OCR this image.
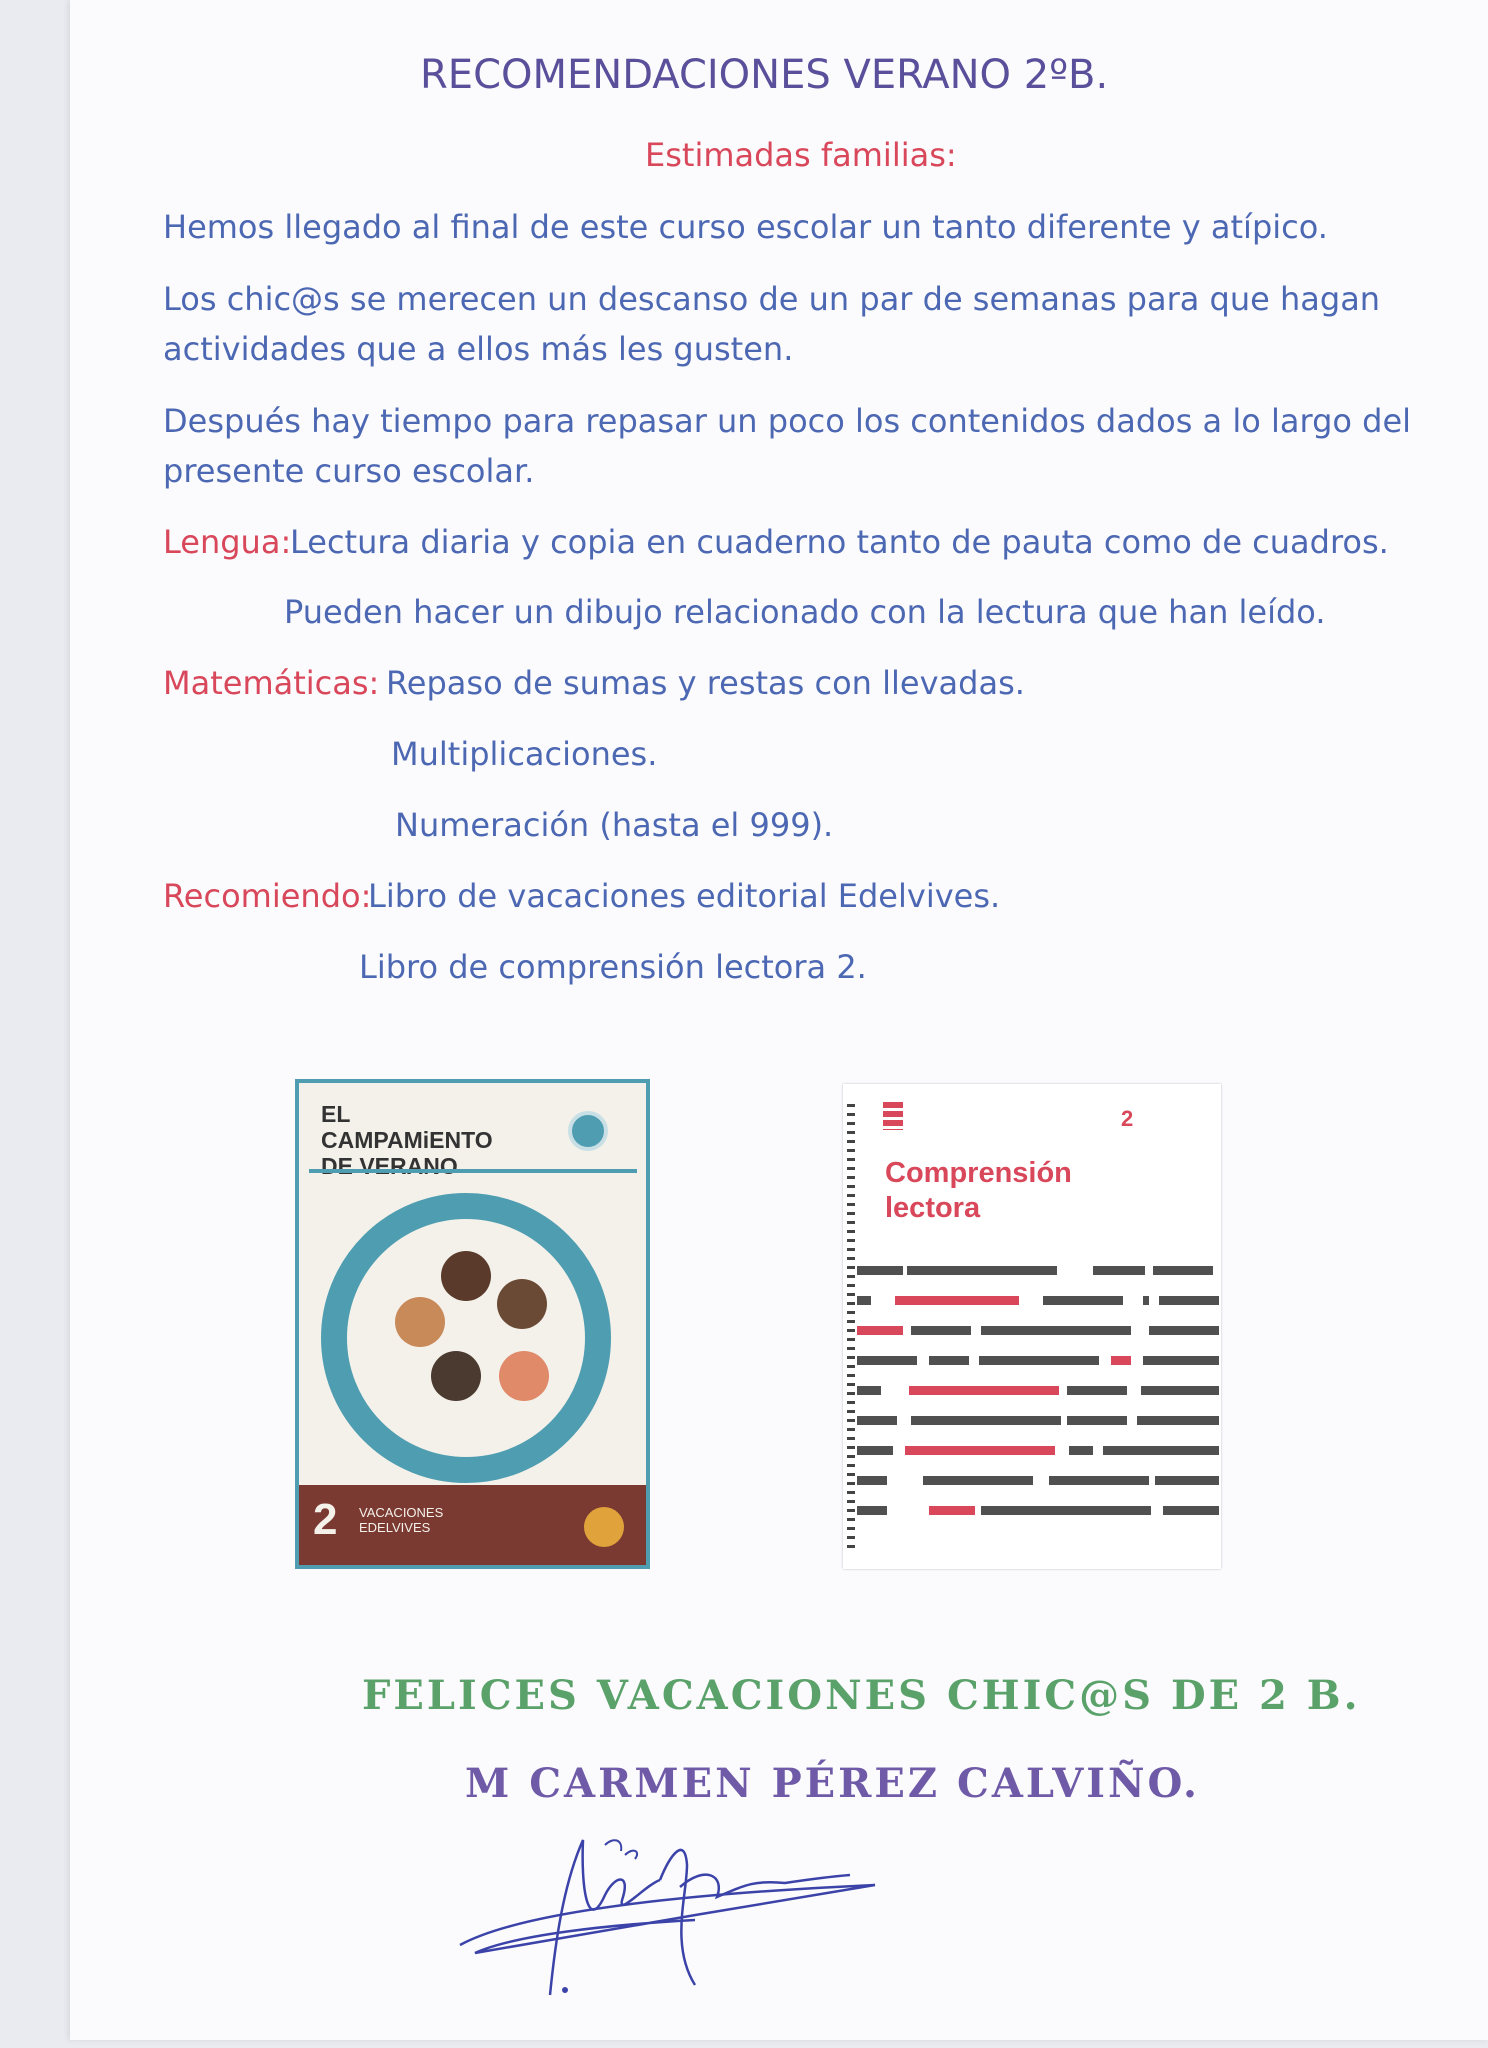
RECOMENDACIONES VERANO 2ºB.
Estimadas familias:
Hemos llegado al final de este curso escolar un tanto diferente y atípico.
Los chic@s se merecen un descanso de un par de semanas para que hagan
actividades que a ellos más les gusten.
Después hay tiempo para repasar un poco los contenidos dados a lo largo del
presente curso escolar.
Lengua:
Lectura diaria y copia en cuaderno tanto de pauta como de cuadros.
Pueden hacer un dibujo relacionado con la lectura que han leído.
Matemáticas: Repaso de sumas y restas con llevadas.
Multiplicaciones.
Numeración (hasta el 999).
Recomiendo:
Libro de vacaciones editorial Edelvives.
Libro de comprensión lectora 2.
EL CAMPAMiENTO
DE VERANO
2 VACACIONES
EDELVIVES
2
Comprensión
lectora
FELICES VACACIONES CHIC@S DE 2 B.
M CARMEN PÉREZ CALVIÑO.
